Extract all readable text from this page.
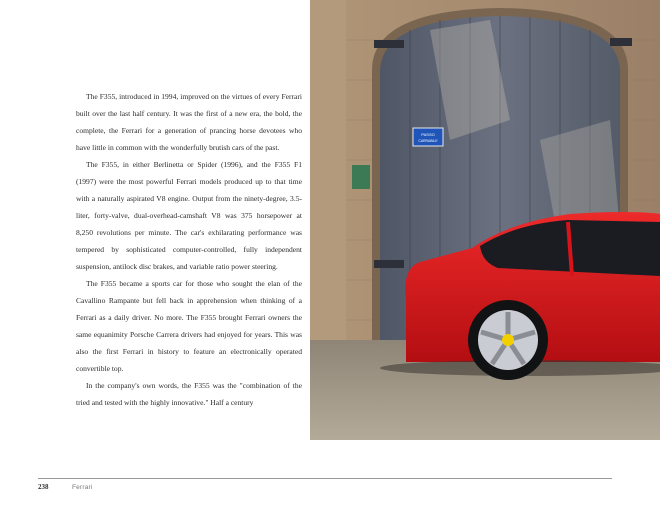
The F355, introduced in 1994, improved on the virtues of every Ferrari built over the last half century. It was the first of a new era, the bold, the complete, the Ferrari for a generation of prancing horse devotees who have little in common with the wonderfully brutish cars of the past.

The F355, in either Berlinetta or Spider (1996), and the F355 F1 (1997) were the most powerful Ferrari models produced up to that time with a naturally aspirated V8 engine. Output from the ninety-degree, 3.5-liter, forty-valve, dual-overhead-camshaft V8 was 375 horsepower at 8,250 revolutions per minute. The car's exhilarating performance was tempered by sophisticated computer-controlled, fully independent suspension, antilock disc brakes, and variable ratio power steering.

The F355 became a sports car for those who sought the elan of the Cavallino Rampante but fell back in apprehension when thinking of a Ferrari as a daily driver. No more. The F355 brought Ferrari owners the same equanimity Porsche Carrera drivers had enjoyed for years. This was also the first Ferrari in history to feature an electronically operated convertible top.

In the company's own words, the F355 was the "combination of the tried and tested with the highly innovative." Half a century

PASSO
CARRABILE
238	Ferrari
